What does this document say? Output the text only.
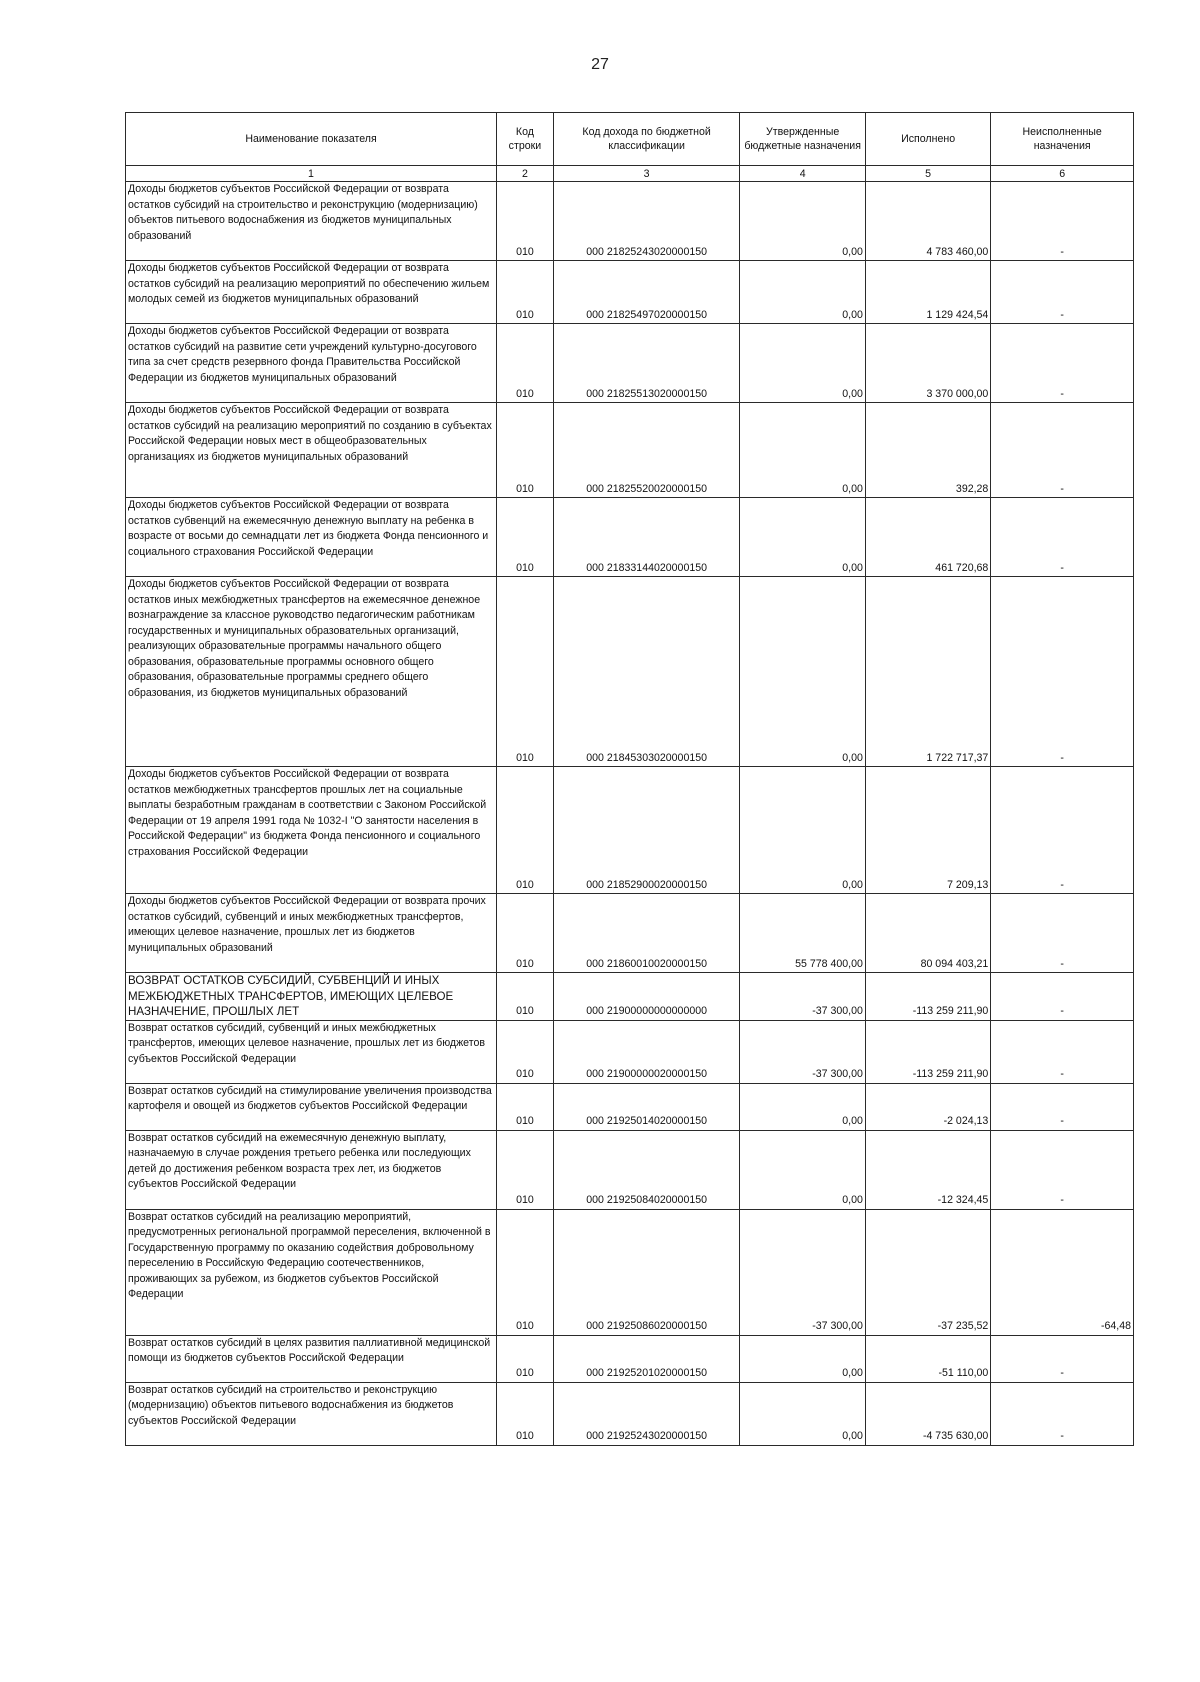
27
Наименование показателя	Код строки	Код дохода по бюджетной классификации	Утвержденные бюджетные назначения	Исполнено	Неисполненные назначения
1	2	3	4	5	6
Доходы бюджетов субъектов Российской Федерации от возврата остатков субсидий на строительство и реконструкцию (модернизацию) объектов питьевого водоснабжения из бюджетов муниципальных образований	010	000 21825243020000150	0,00	4 783 460,00	-
Доходы бюджетов субъектов Российской Федерации от возврата остатков субсидий на реализацию мероприятий по обеспечению жильем молодых семей из бюджетов муниципальных образований	010	000 21825497020000150	0,00	1 129 424,54	-
Доходы бюджетов субъектов Российской Федерации от возврата остатков субсидий на развитие сети учреждений культурно-досугового типа за счет средств резервного фонда Правительства Российской Федерации из бюджетов муниципальных образований	010	000 21825513020000150	0,00	3 370 000,00	-
Доходы бюджетов субъектов Российской Федерации от возврата остатков субсидий на реализацию мероприятий по созданию в субъектах Российской Федерации новых мест в общеобразовательных организациях из бюджетов муниципальных образований	010	000 21825520020000150	0,00	392,28	-
Доходы бюджетов субъектов Российской Федерации от возврата остатков субвенций на ежемесячную денежную выплату на ребенка в возрасте от восьми до семнадцати лет из бюджета Фонда пенсионного и социального страхования Российской Федерации	010	000 21833144020000150	0,00	461 720,68	-
Доходы бюджетов субъектов Российской Федерации от возврата остатков иных межбюджетных трансфертов на ежемесячное денежное вознаграждение за классное руководство педагогическим работникам государственных и муниципальных образовательных организаций, реализующих образовательные программы начального общего образования, образовательные программы основного общего образования, образовательные программы среднего общего образования, из бюджетов муниципальных образований	010	000 21845303020000150	0,00	1 722 717,37	-
Доходы бюджетов субъектов Российской Федерации от возврата остатков межбюджетных трансфертов прошлых лет на социальные выплаты безработным гражданам в соответствии с Законом Российской Федерации от 19 апреля 1991 года № 1032-I "О занятости населения в Российской Федерации" из бюджета Фонда пенсионного и социального страхования Российской Федерации	010	000 21852900020000150	0,00	7 209,13	-
Доходы бюджетов субъектов Российской Федерации от возврата прочих остатков субсидий, субвенций и иных межбюджетных трансфертов, имеющих целевое назначение, прошлых лет из бюджетов муниципальных образований	010	000 21860010020000150	55 778 400,00	80 094 403,21	-
ВОЗВРАТ ОСТАТКОВ СУБСИДИЙ, СУБВЕНЦИЙ И ИНЫХ МЕЖБЮДЖЕТНЫХ ТРАНСФЕРТОВ, ИМЕЮЩИХ ЦЕЛЕВОЕ НАЗНАЧЕНИЕ, ПРОШЛЫХ ЛЕТ	010	000 21900000000000000	-37 300,00	-113 259 211,90	-
Возврат остатков субсидий, субвенций и иных межбюджетных трансфертов, имеющих целевое назначение, прошлых лет из бюджетов субъектов Российской Федерации	010	000 21900000020000150	-37 300,00	-113 259 211,90	-
Возврат остатков субсидий на стимулирование увеличения производства картофеля и овощей из бюджетов субъектов Российской Федерации	010	000 21925014020000150	0,00	-2 024,13	-
Возврат остатков субсидий на ежемесячную денежную выплату, назначаемую в случае рождения третьего ребенка или последующих детей до достижения ребенком возраста трех лет, из бюджетов субъектов Российской Федерации	010	000 21925084020000150	0,00	-12 324,45	-
Возврат остатков субсидий на реализацию мероприятий, предусмотренных региональной программой переселения, включенной в Государственную программу по оказанию содействия добровольному переселению в Российскую Федерацию соотечественников, проживающих за рубежом, из бюджетов субъектов Российской Федерации	010	000 21925086020000150	-37 300,00	-37 235,52	-64,48
Возврат остатков субсидий в целях развития паллиативной медицинской помощи из бюджетов субъектов Российской Федерации	010	000 21925201020000150	0,00	-51 110,00	-
Возврат остатков субсидий на строительство и реконструкцию (модернизацию) объектов питьевого водоснабжения из бюджетов субъектов Российской Федерации	010	000 21925243020000150	0,00	-4 735 630,00	-
